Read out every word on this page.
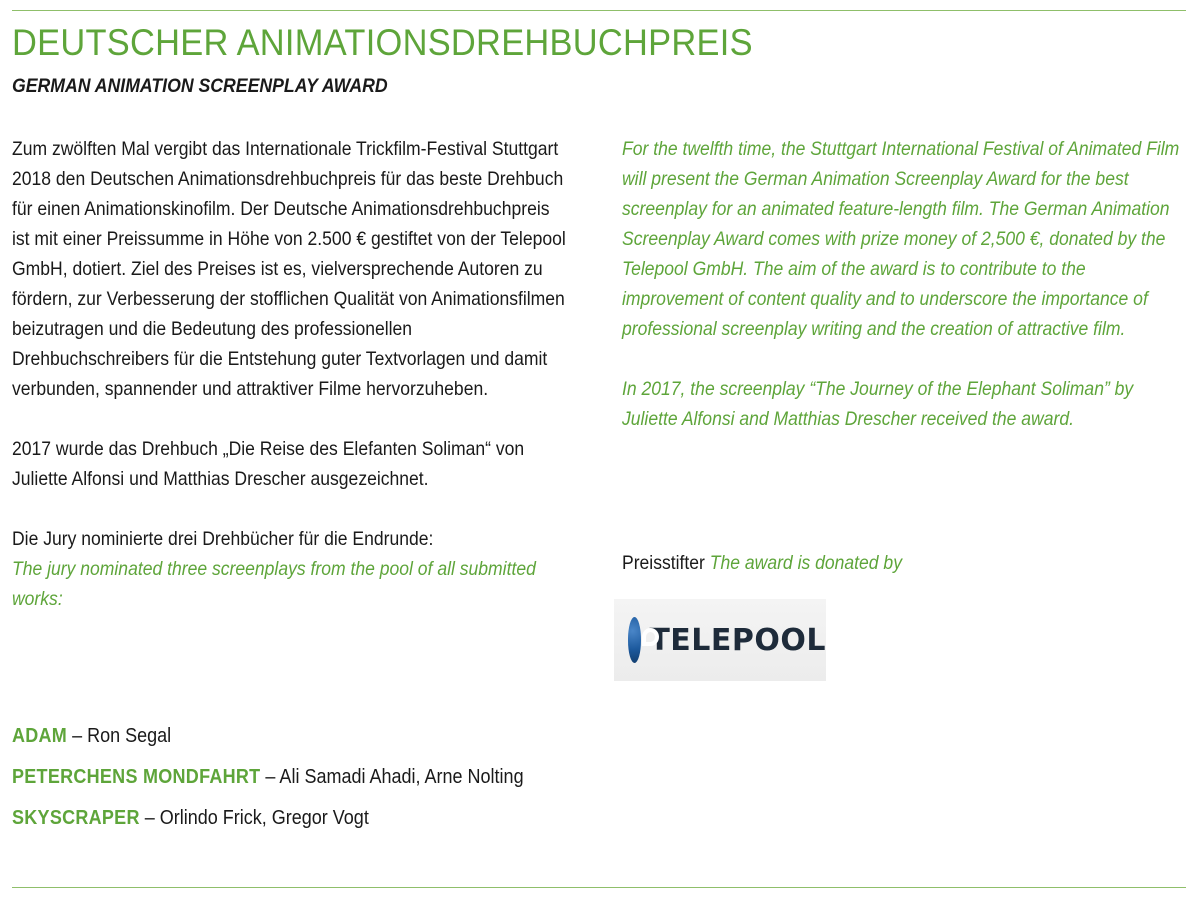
DEUTSCHER ANIMATIONSDREHBUCHPREIS
GERMAN ANIMATION SCREENPLAY AWARD

Zum zwölften Mal vergibt das Internationale Trickfilm-Festival Stuttgart 2018 den Deutschen Animationsdrehbuchpreis für das beste Drehbuch für einen Animationskinofilm. Der Deutsche Animationsdrehbuchpreis ist mit einer Preissumme in Höhe von 2.500 € gestiftet von der Telepool GmbH, dotiert. Ziel des Preises ist es, vielversprechende Autoren zu fördern, zur Verbesserung der stofflichen Qualität von Animationsfilmen beizutragen und die Bedeutung des professionellen Drehbuchschreibers für die Entstehung guter Textvorlagen und damit verbunden, spannender und attraktiver Filme hervorzuheben.

2017 wurde das Drehbuch „Die Reise des Elefanten Soliman“ von Juliette Alfonsi und Matthias Drescher ausgezeichnet.

Die Jury nominierte drei Drehbücher für die Endrunde:

The jury nominated three screenplays from the pool of all submitted works:

ADAM – Ron Segal

PETERCHENS MONDFAHRT – Ali Samadi Ahadi, Arne Nolting

SKYSCRAPER – Orlindo Frick, Gregor Vogt

For the twelfth time, the Stuttgart International Festival of Animated Film will present the German Animation Screenplay Award for the best screenplay for an animated feature-length film. The German Animation Screenplay Award comes with prize money of 2,500 €, donated by the Telepool GmbH. The aim of the award is to contribute to the improvement of content quality and to underscore the importance of professional screenplay writing and the creation of attractive film.

In 2017, the screenplay “The Journey of the Elephant Soliman” by Juliette Alfonsi and Matthias Drescher received the award.

Preisstifter The award is donated by
TELEPOOL
